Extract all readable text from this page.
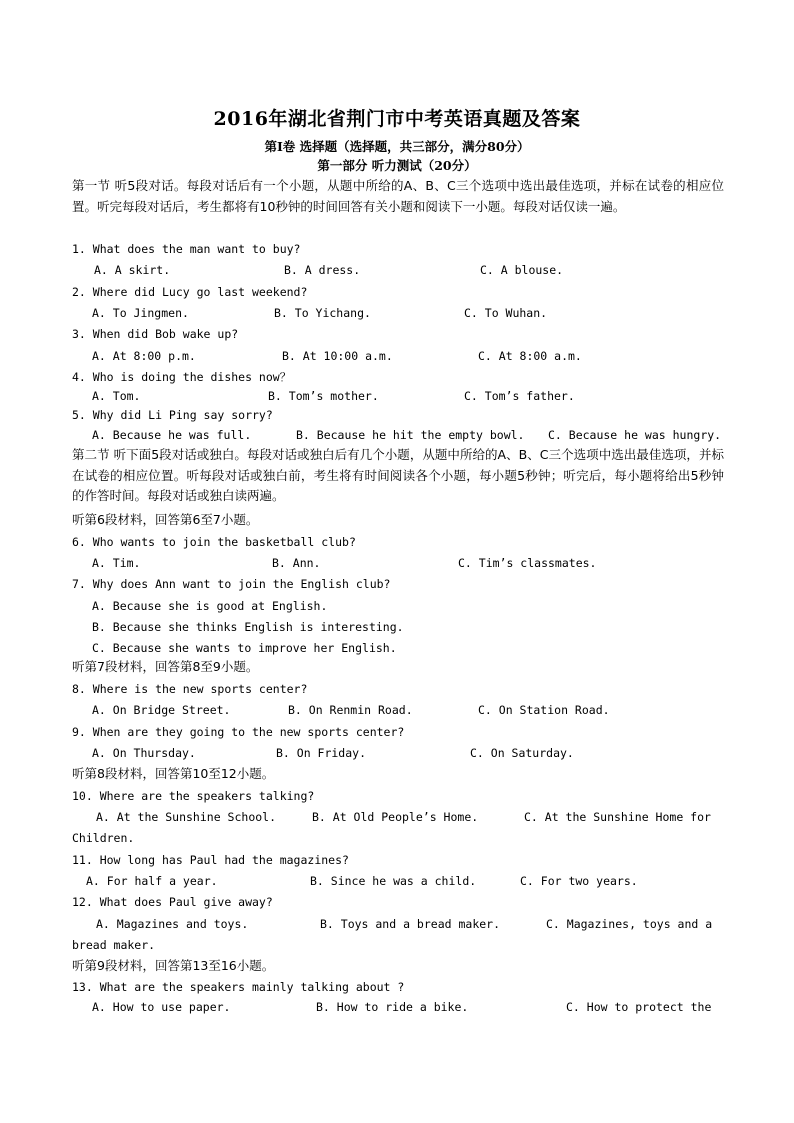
2016年湖北省荆门市中考英语真题及答案
第Ⅰ卷 选择题（选择题，共三部分，满分80分）
第一部分 听力测试（20分）
第一节 听5段对话。每段对话后有一个小题，从题中所给的A、B、C三个选项中选出最佳选项，并标在试卷的相应位置。听完每段对话后，考生都将有10秒钟的时间回答有关小题和阅读下一小题。每段对话仅读一遍。
1. What does the man want to buy?
A. A skirt.	B. A dress.	C. A blouse.
2. Where did Lucy go last weekend?
A. To Jingmen.	B. To Yichang.	C. To Wuhan.
3. When did Bob wake up?
A. At 8:00 p.m.	B. At 10:00 a.m.	C. At 8:00 a.m.
4. Who is doing the dishes now？
A. Tom.	B. Tom’s mother.	C. Tom’s father.
5. Why did Li Ping say sorry?
A. Because he was full.	B. Because he hit the empty bowl. C. Because he was hungry.
第二节 听下面5段对话或独白。每段对话或独白后有几个小题，从题中所给的A、B、C三个选项中选出最佳选项，并标在试卷的相应位置。听每段对话或独白前，考生将有时间阅读各个小题，每小题5秒钟；听完后，每小题将给出5秒钟的作答时间。每段对话或独白读两遍。
听第6段材料，回答第6至7小题。
6. Who wants to join the basketball club?
A. Tim.	B. Ann.	C. Tim’s classmates.
7. Why does Ann want to join the English club?
A. Because she is good at English.
B. Because she thinks English is interesting.
C. Because she wants to improve her English.
听第7段材料，回答第8至9小题。
8. Where is the new sports center?
A. On Bridge Street.	B. On Renmin Road.	C. On Station Road.
9. When are they going to the new sports center?
A. On Thursday.	B. On Friday.	C. On Saturday.
听第8段材料，回答第10至12小题。
10. Where are the speakers talking?
A. At the Sunshine School.	B. At Old People’s Home.	C. At the Sunshine Home for
Children.
11. How long has Paul had the magazines?
A. For half a year.	B. Since he was a child.	C. For two years.
12. What does Paul give away?
A. Magazines and toys.	B. Toys and a bread maker.	C. Magazines, toys and a
bread maker.
听第9段材料，回答第13至16小题。
13. What are the speakers mainly talking about ?
A. How to use paper.	B. How to ride a bike.	C. How to protect the
